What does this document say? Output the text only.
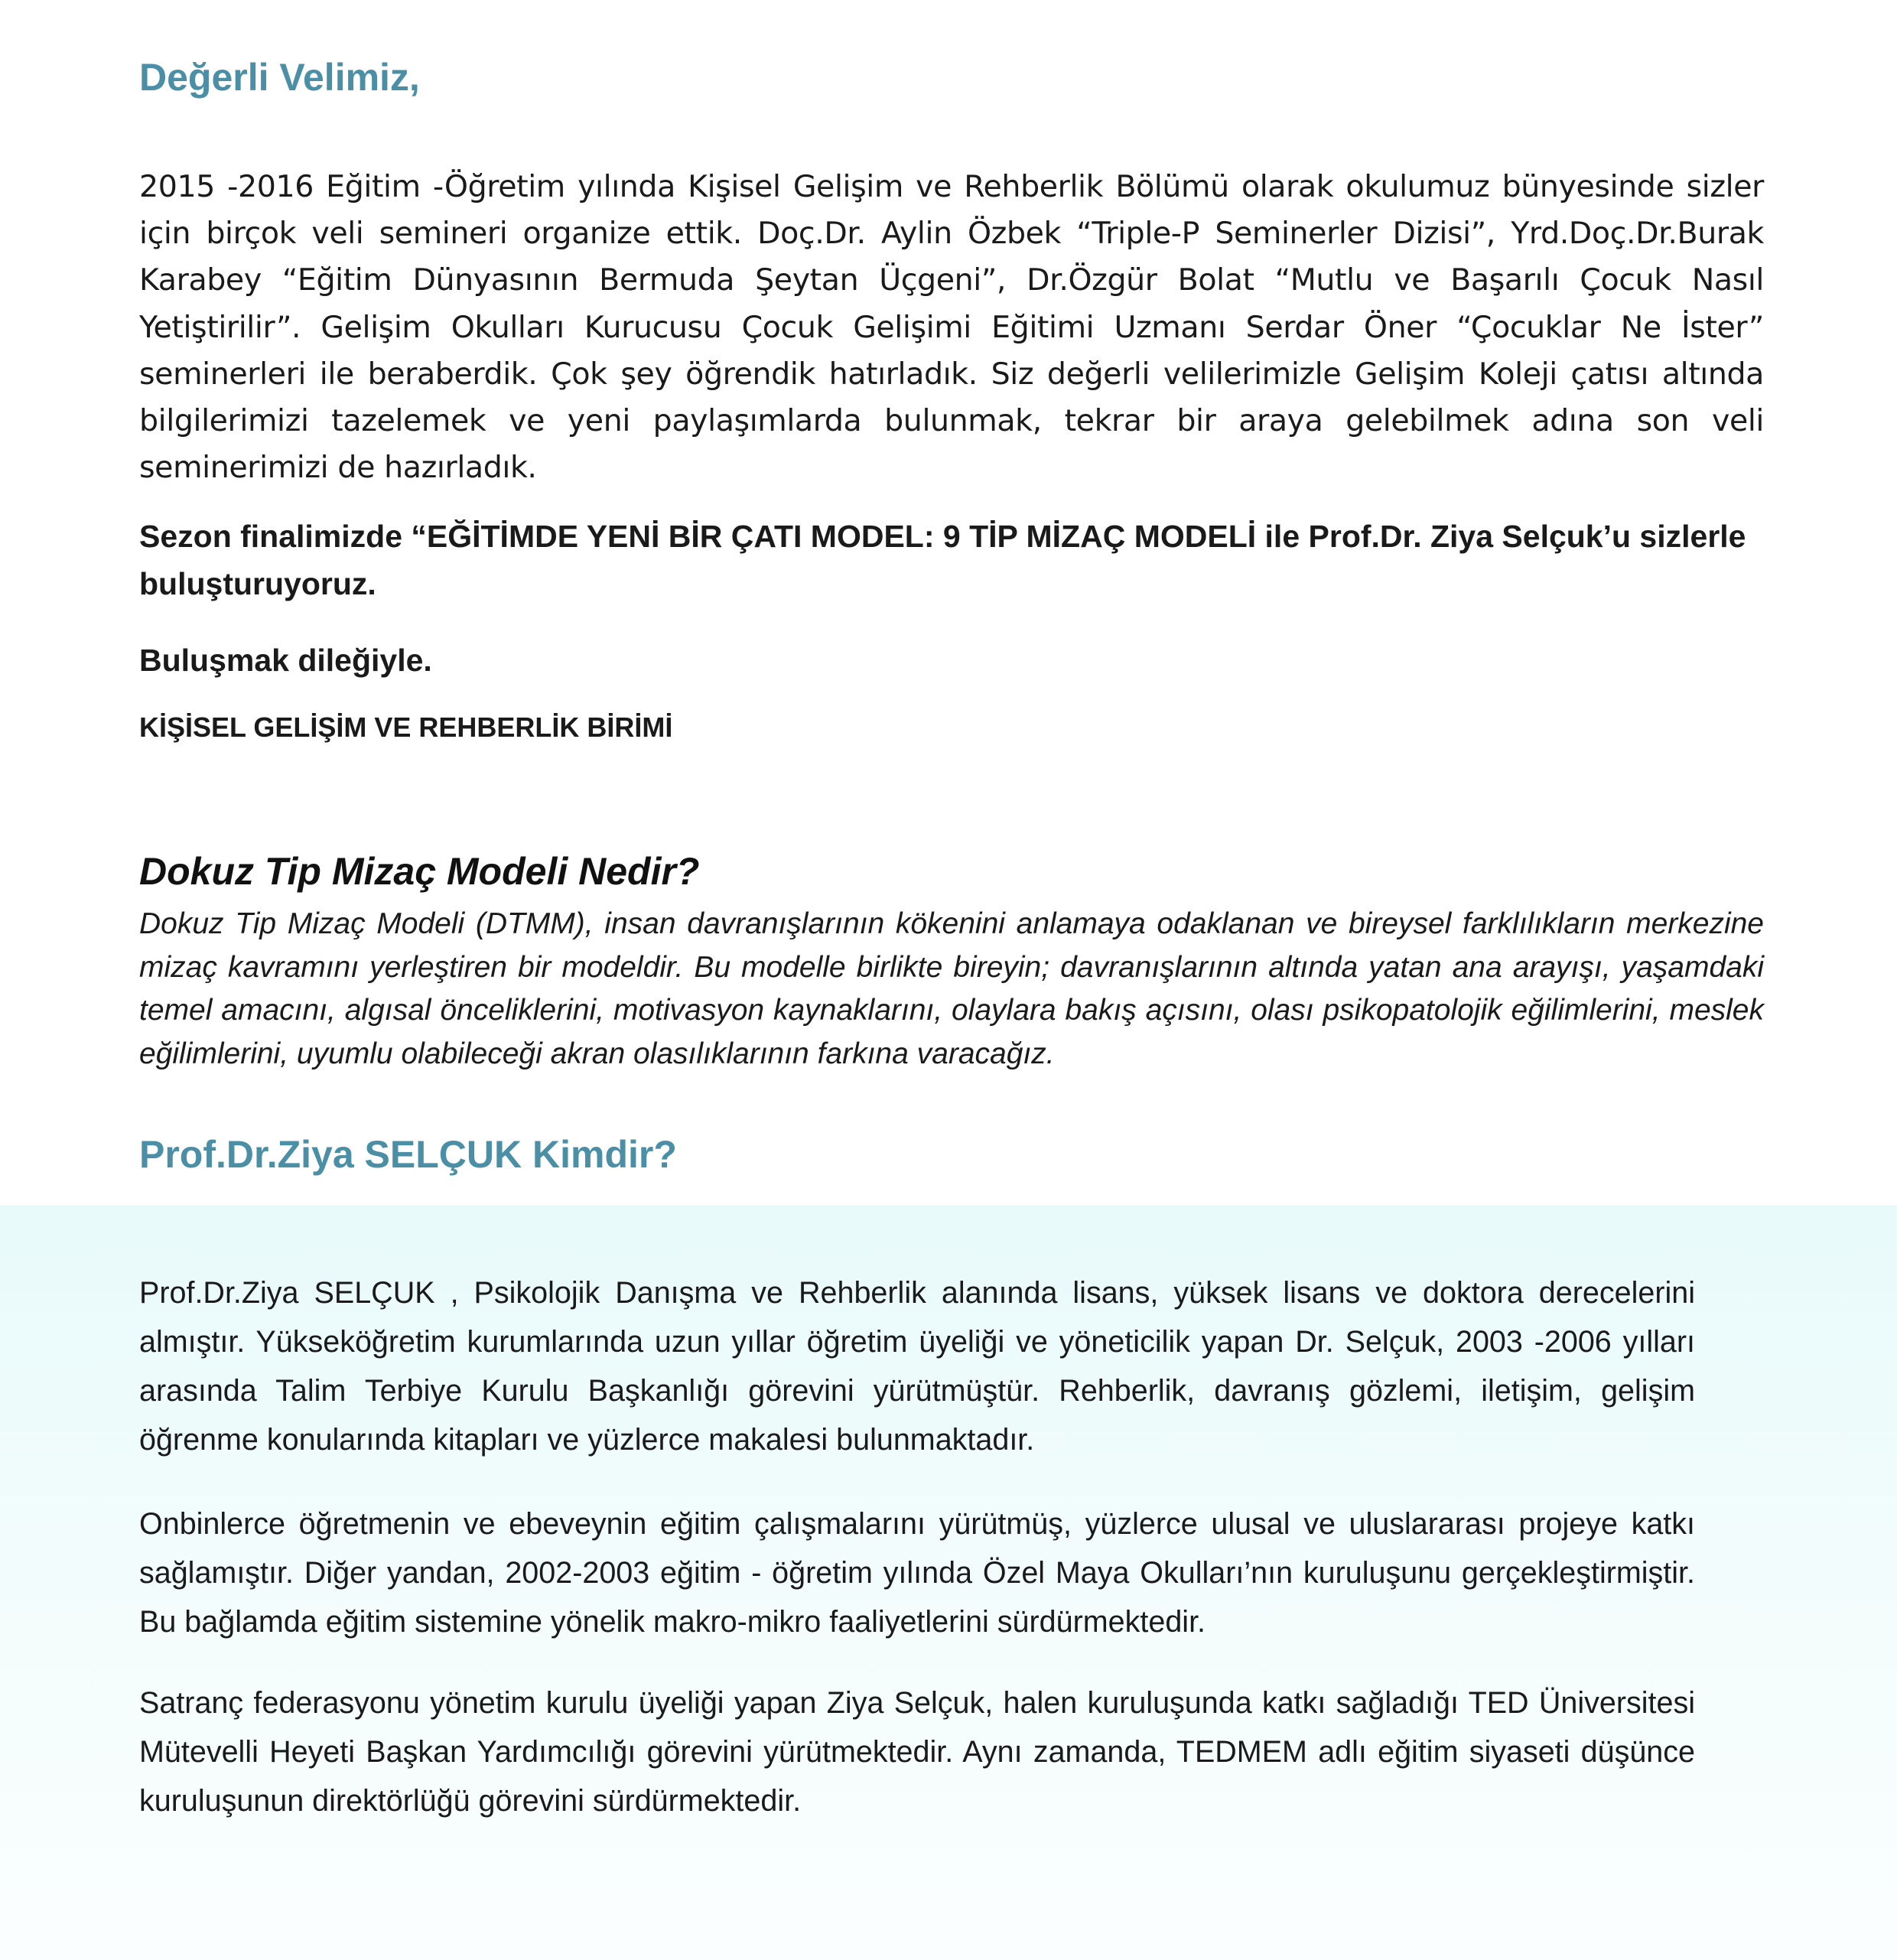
Değerli Velimiz,

2015 -2016 Eğitim -Öğretim yılında Kişisel Gelişim ve Rehberlik Bölümü olarak okulumuz bünyesinde sizler için birçok veli semineri organize ettik. Doç.Dr. Aylin Özbek “Triple-P Seminerler Dizisi”, Yrd.Doç.Dr.Burak Karabey “Eğitim Dünyasının Bermuda Şeytan Üçgeni”, Dr.Özgür Bolat “Mutlu ve Başarılı Çocuk Nasıl Yetiştirilir”. Gelişim Okulları Kurucusu Çocuk Gelişimi Eğitimi Uzmanı Serdar Öner “Çocuklar Ne İster” seminerleri ile beraberdik. Çok şey öğrendik hatırladık. Siz değerli velilerimizle Gelişim Koleji çatısı altında bilgilerimizi tazelemek ve yeni paylaşımlarda bulunmak, tekrar bir araya gelebilmek adına son veli seminerimizi de hazırladık.

Sezon finalimizde “EĞİTİMDE YENİ BİR ÇATI MODEL: 9 TİP MİZAÇ MODELİ ile Prof.Dr. Ziya Selçuk’u sizlerle buluşturuyoruz.

Buluşmak dileğiyle.

KİŞİSEL GELİŞİM VE REHBERLİK BİRİMİ

Dokuz Tip Mizaç Modeli Nedir?

Dokuz Tip Mizaç Modeli (DTMM), insan davranışlarının kökenini anlamaya odaklanan ve bireysel farklılıkların merkezine mizaç kavramını yerleştiren bir modeldir. Bu modelle birlikte bireyin; davranışlarının altında yatan ana arayışı, yaşamdaki temel amacını, algısal önceliklerini, motivasyon kaynaklarını, olaylara bakış açısını, olası psikopatolojik eğilimlerini, meslek eğilimlerini, uyumlu olabileceği akran olasılıklarının farkına varacağız.

Prof.Dr.Ziya SELÇUK Kimdir?

Prof.Dr.Ziya SELÇUK , Psikolojik Danışma ve Rehberlik alanında lisans, yüksek lisans ve doktora derecelerini almıştır. Yükseköğretim kurumlarında uzun yıllar öğretim üyeliği ve yöneticilik yapan Dr. Selçuk, 2003 -2006 yılları arasında Talim Terbiye Kurulu Başkanlığı görevini yürütmüştür. Rehberlik, davranış gözlemi, iletişim, gelişim öğrenme konularında kitapları ve yüzlerce makalesi bulunmaktadır.

Onbinlerce öğretmenin ve ebeveynin eğitim çalışmalarını yürütmüş, yüzlerce ulusal ve uluslararası projeye katkı sağlamıştır. Diğer yandan, 2002-2003 eğitim - öğretim yılında Özel Maya Okulları’nın kuruluşunu gerçekleştirmiştir. Bu bağlamda eğitim sistemine yönelik makro-mikro faaliyetlerini sürdürmektedir.

Satranç federasyonu yönetim kurulu üyeliği yapan Ziya Selçuk, halen kuruluşunda katkı sağladığı TED Üniversitesi Mütevelli Heyeti Başkan Yardımcılığı görevini yürütmektedir. Aynı zamanda, TEDMEM adlı eğitim siyaseti düşünce kuruluşunun direktörlüğü görevini sürdürmektedir.
